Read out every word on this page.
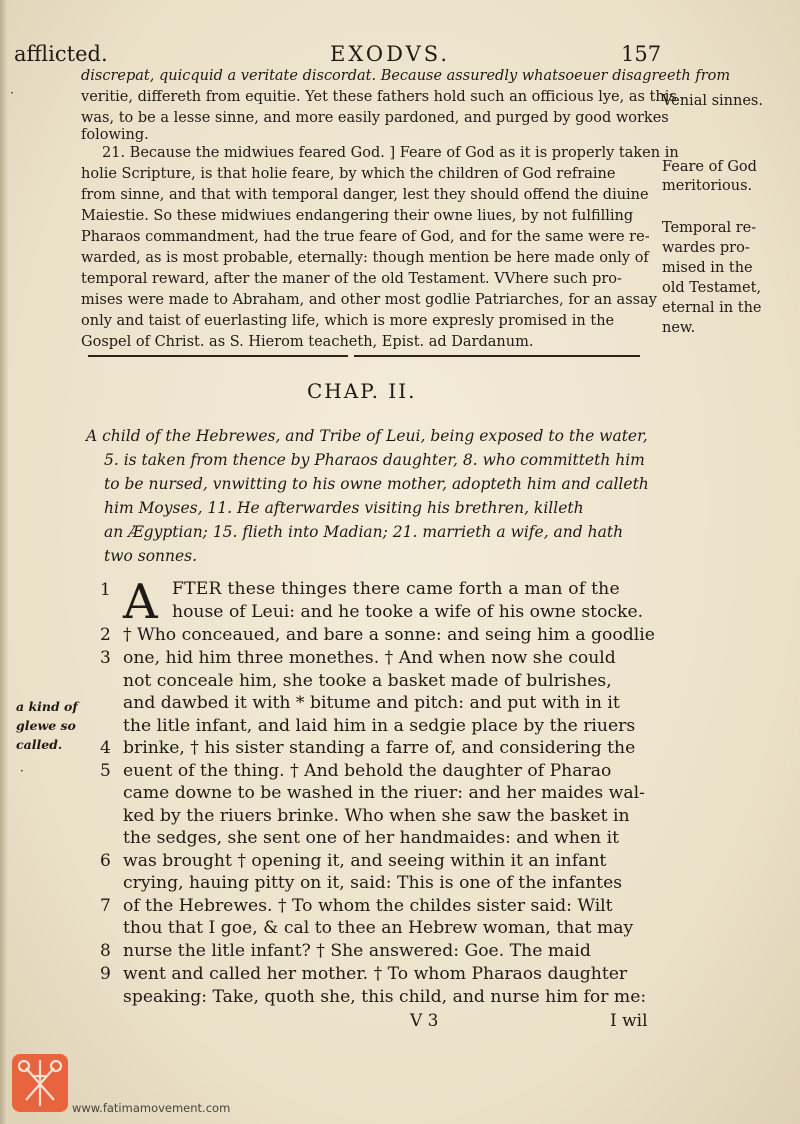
afflicted.	EXODVS.	157
·
discrepat, quicquid a veritate discordat. Because assuredly whatsoeuer disagreeth from
veritie, differeth from equitie. Yet these fathers hold such an officious lye, as this
was, to be a lesse sinne, and more easily pardoned, and purged by good workes
folowing.
21. Because the midwiues feared God. ] Feare of God as it is properly taken in
holie Scripture, is that holie feare, by which the children of God refraine
from sinne, and that with temporal danger, lest they should offend the diuine
Maiestie. So these midwiues endangering their owne liues, by not fulfilling
Pharaos commandment, had the true feare of God, and for the same were re-
warded, as is most probable, eternally: though mention be here made only of
temporal reward, after the maner of the old Testament. VVhere such pro-
mises were made to Abraham, and other most godlie Patriarches, for an assay
only and taist of euerlasting life, which is more expresly promised in the
Gospel of Christ. as S. Hierom teacheth, Epist. ad Dardanum.
Venial sinnes.
Feare of God
meritorious.
Temporal re-
wardes pro-
mised in the
old Testamet,
eternal in the
new.
CHAP. II.
A child of the Hebrewes, and Tribe of Leui, being exposed to the water,
5. is taken from thence by Pharaos daughter, 8. who committeth him
to be nursed, vnwitting to his owne mother, adopteth him and calleth
him Moyses, 11. He afterwardes visiting his brethren, killeth
an Ægyptian; 15. flieth into Madian; 21. marrieth a wife, and hath
two sonnes.
a kind of
glewe so
called.
·
1
2
3
4
5
6
7
8
9
A FTER these thinges there came forth a man of the
house of Leui: and he tooke a wife of his owne stocke.
† Who conceaued, and bare a sonne: and seing him a goodlie
one, hid him three monethes. † And when now she could
not conceale him, she tooke a basket made of bulrishes,
and dawbed it with * bitume and pitch: and put with in it
the litle infant, and laid him in a sedgie place by the riuers
brinke, † his sister standing a farre of, and considering the
euent of the thing. † And behold the daughter of Pharao
came downe to be washed in the riuer: and her maides wal-
ked by the riuers brinke. Who when she saw the basket in
the sedges, she sent one of her handmaides: and when it
was brought † opening it, and seeing within it an infant
crying, hauing pitty on it, said: This is one of the infantes
of the Hebrewes. † To whom the childes sister said: Wilt
thou that I goe, & cal to thee an Hebrew woman, that may
nurse the litle infant? † She answered: Goe. The maid
went and called her mother. † To whom Pharaos daughter
speaking: Take, quoth she, this child, and nurse him for me:
V 3	I wil
www.fatimamovement.com
